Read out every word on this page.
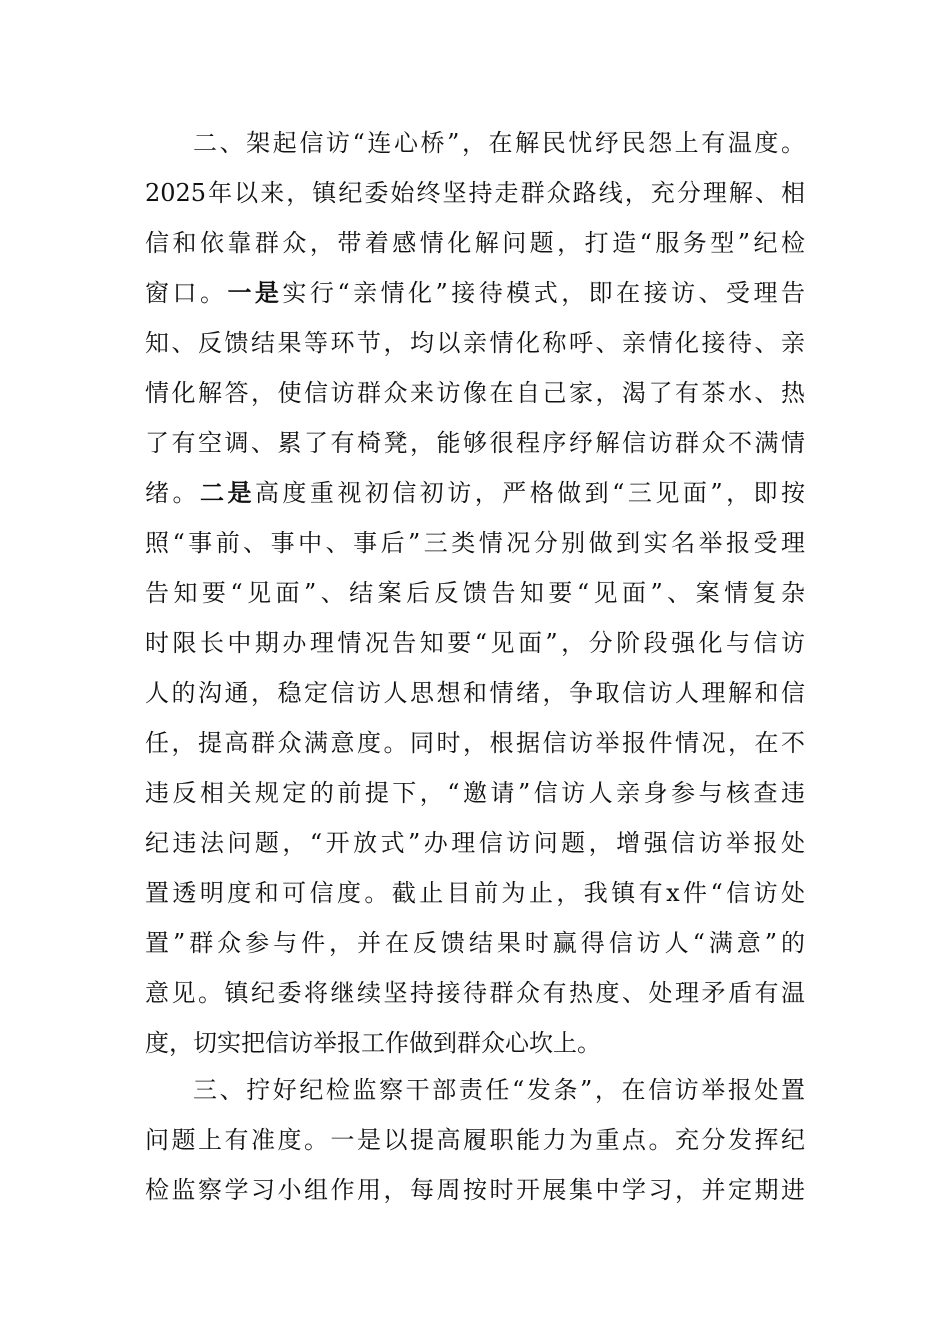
二、架起信访“连心桥”，在解民忧纾民怨上有温度。
2025年以来，镇纪委始终坚持走群众路线，充分理解、相
信和依靠群众，带着感情化解问题，打造“服务型”纪检
窗口。一是实行“亲情化”接待模式，即在接访、受理告
知、反馈结果等环节，均以亲情化称呼、亲情化接待、亲
情化解答，使信访群众来访像在自己家，渴了有茶水、热
了有空调、累了有椅凳，能够很程序纾解信访群众不满情
绪。二是高度重视初信初访，严格做到“三见面”，即按
照“事前、事中、事后”三类情况分别做到实名举报受理
告知要“见面”、结案后反馈告知要“见面”、案情复杂
时限长中期办理情况告知要“见面”，分阶段强化与信访
人的沟通，稳定信访人思想和情绪，争取信访人理解和信
任，提高群众满意度。同时，根据信访举报件情况，在不
违反相关规定的前提下，“邀请”信访人亲身参与核查违
纪违法问题，“开放式”办理信访问题，增强信访举报处
置透明度和可信度。截止目前为止，我镇有x件“信访处
置”群众参与件，并在反馈结果时赢得信访人“满意”的
意见。镇纪委将继续坚持接待群众有热度、处理矛盾有温
度，切实把信访举报工作做到群众心坎上。
三、拧好纪检监察干部责任“发条”，在信访举报处置
问题上有准度。一是以提高履职能力为重点。充分发挥纪
检监察学习小组作用，每周按时开展集中学习，并定期进
